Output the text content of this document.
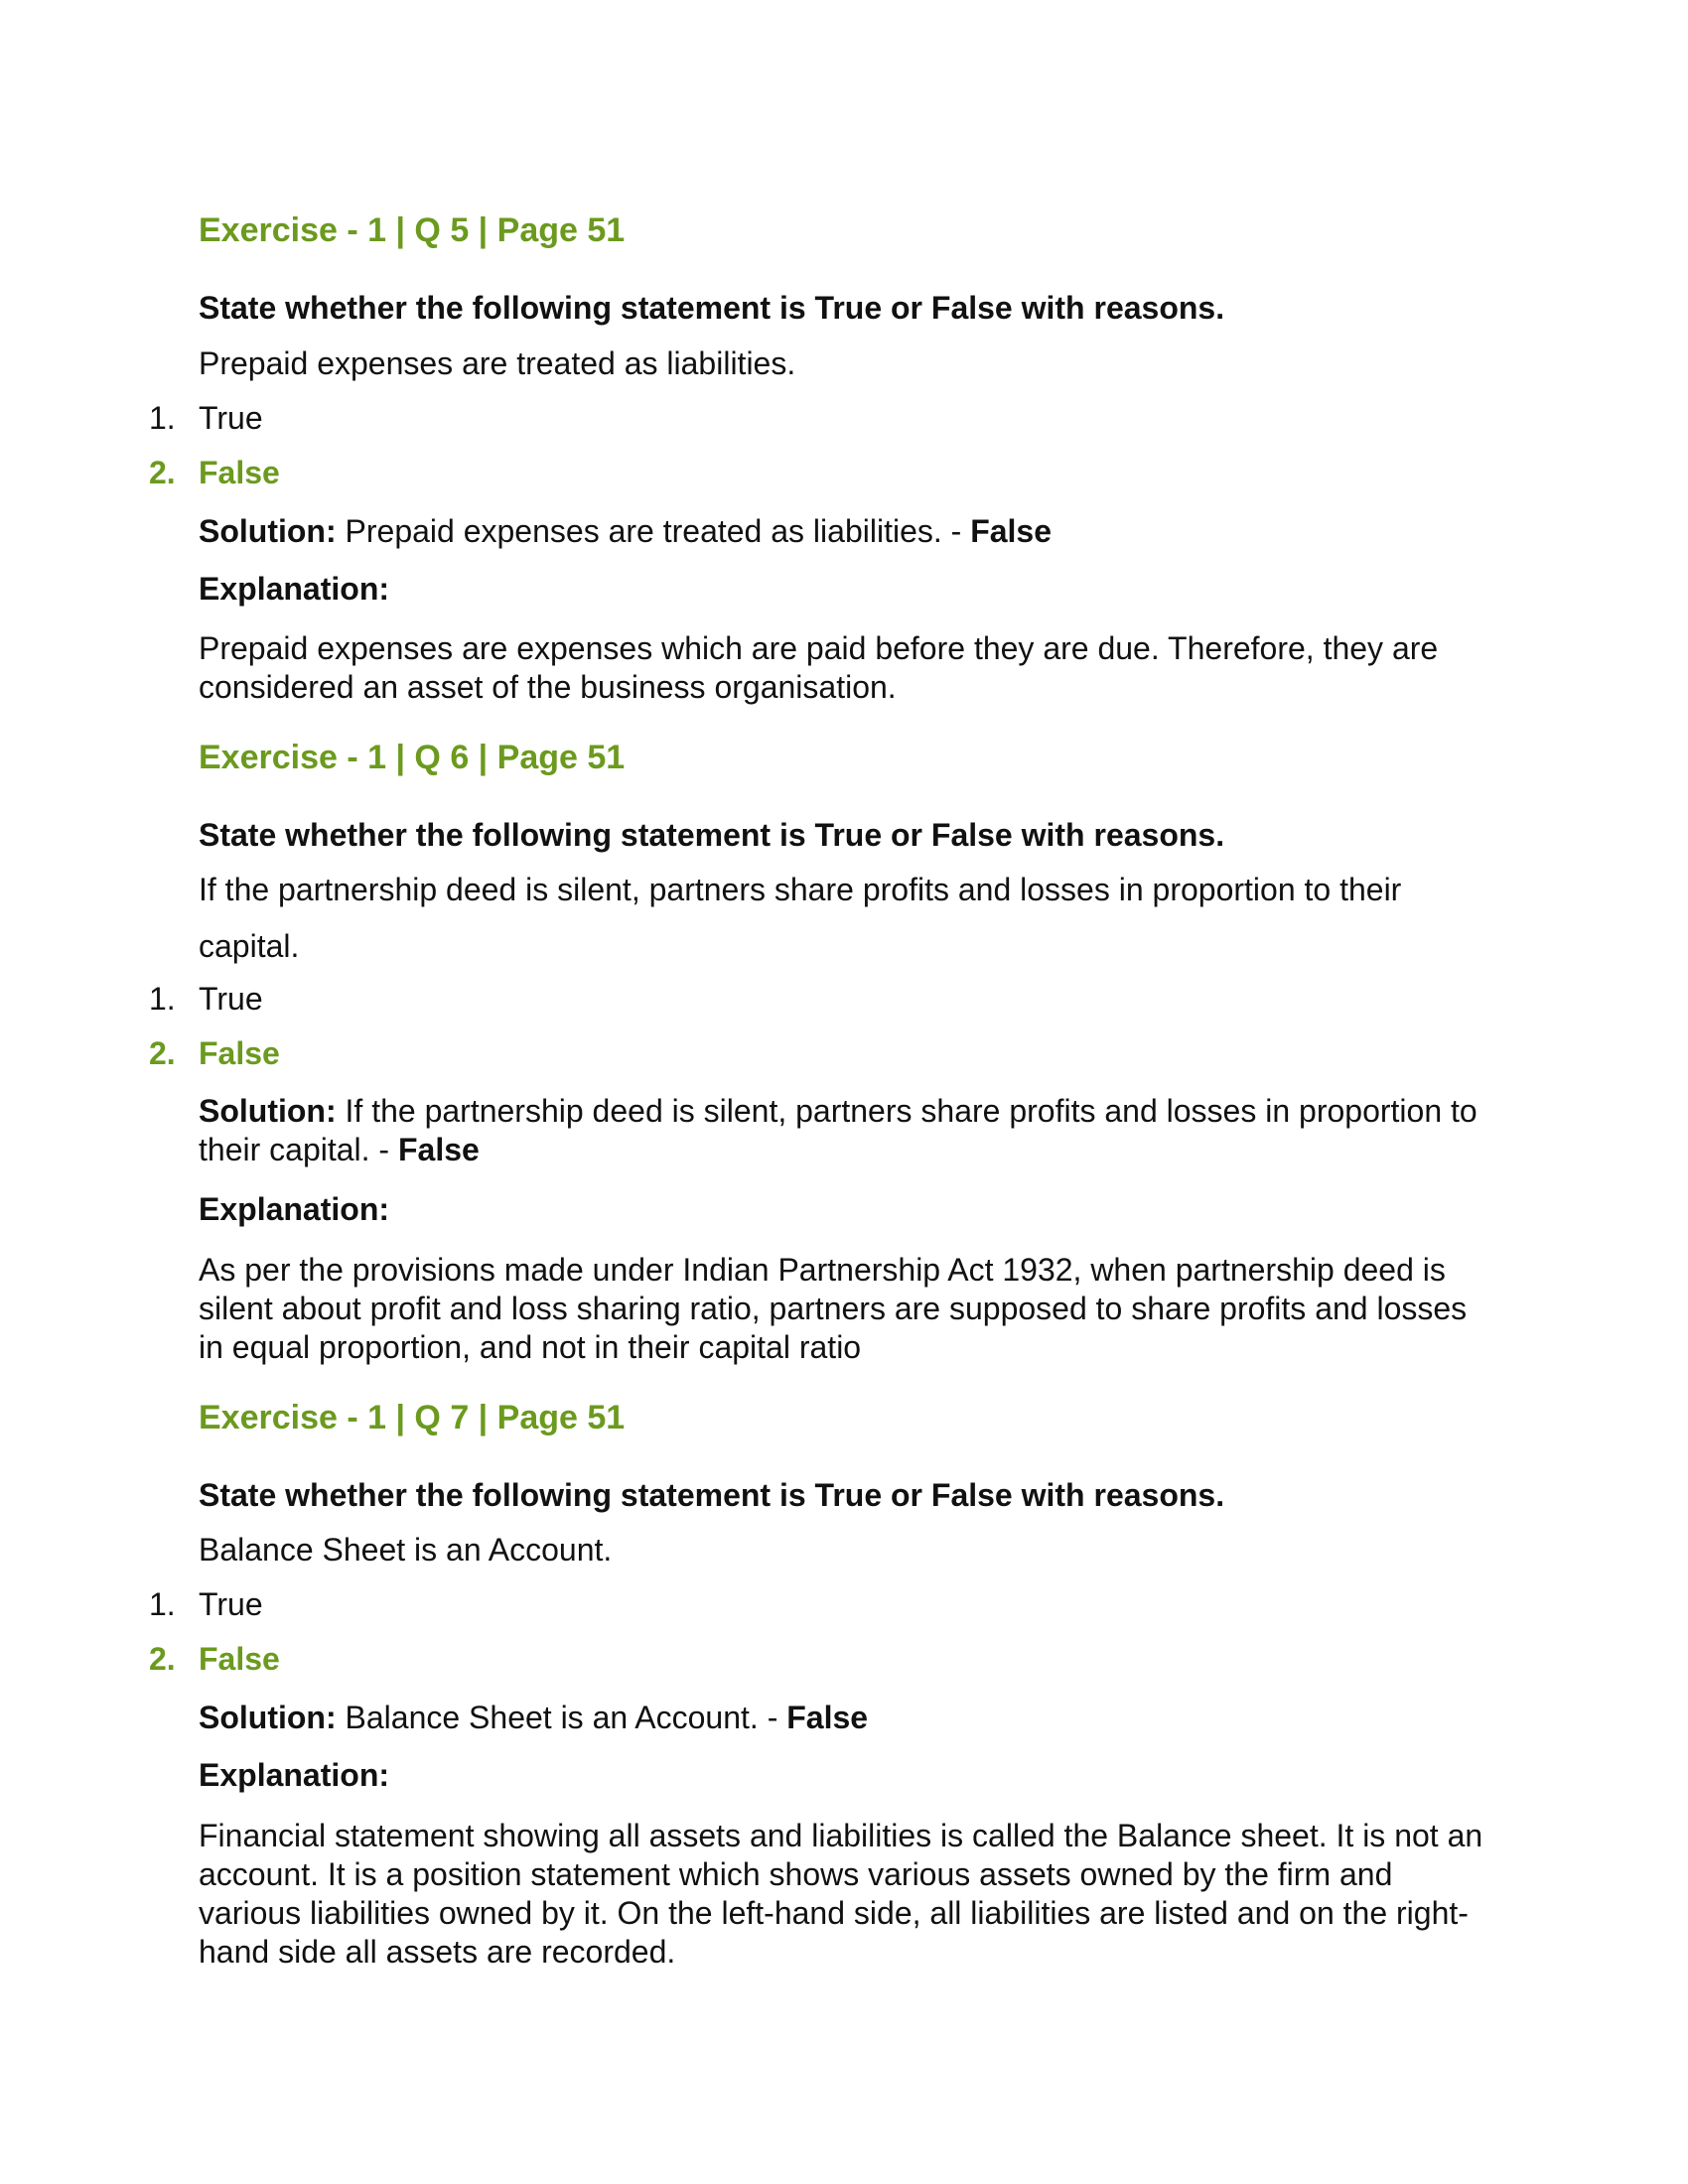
Exercise - 1 | Q 5 | Page 51
State whether the following statement is True or False with reasons.
Prepaid expenses are treated as liabilities.
1. True
2. False
Solution: Prepaid expenses are treated as liabilities. - False
Explanation:
Prepaid expenses are expenses which are paid before they are due. Therefore, they are considered an asset of the business organisation.
Exercise - 1 | Q 6 | Page 51
State whether the following statement is True or False with reasons.
If the partnership deed is silent, partners share profits and losses in proportion to their capital.
1. True
2. False
Solution: If the partnership deed is silent, partners share profits and losses in proportion to their capital. - False
Explanation:
As per the provisions made under Indian Partnership Act 1932, when partnership deed is silent about profit and loss sharing ratio, partners are supposed to share profits and losses in equal proportion, and not in their capital ratio
Exercise - 1 | Q 7 | Page 51
State whether the following statement is True or False with reasons.
Balance Sheet is an Account.
1. True
2. False
Solution: Balance Sheet is an Account. - False
Explanation:
Financial statement showing all assets and liabilities is called the Balance sheet. It is not an account. It is a position statement which shows various assets owned by the firm and various liabilities owned by it. On the left-hand side, all liabilities are listed and on the right-hand side all assets are recorded.
